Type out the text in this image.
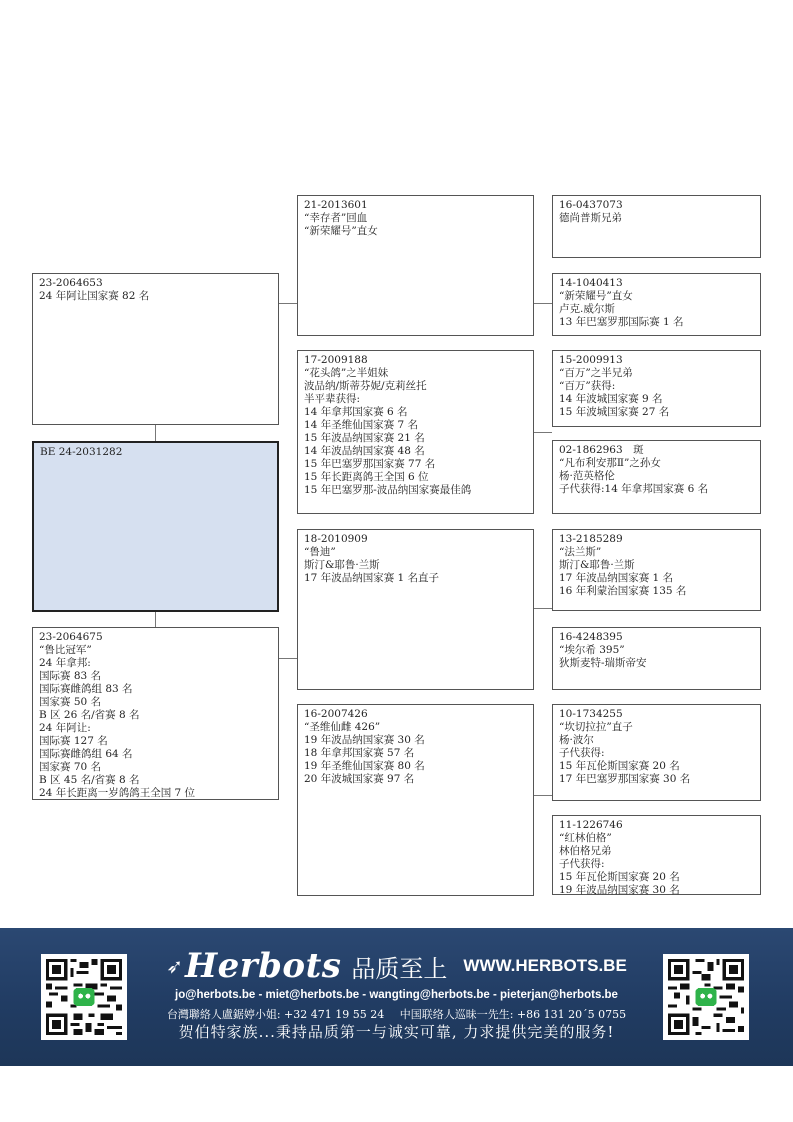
BE 24-2031282
23-2064653
24 年阿让国家赛 82 名
23-2064675
“鲁比冠军”
24 年拿邦:
国际赛 83 名
国际赛雌鸽组 83 名
国家赛 50 名
B 区 26 名/省赛 8 名
24 年阿让:
国际赛 127 名
国际赛雌鸽组 64 名
国家赛 70 名
B 区 45 名/省赛 8 名
24 年长距离一岁鸽鸽王全国 7 位
21-2013601
“幸存者”回血
“新荣耀号”直女
17-2009188
“花头鸽”之半姐妹
波品纳/斯蒂芬妮/克莉丝托
半平辈获得:
14 年拿邦国家赛 6 名
14 年圣维仙国家赛 7 名
15 年波品纳国家赛 21 名
14 年波品纳国家赛 48 名
15 年巴塞罗那国家赛 77 名
15 年长距离鸽王全国 6 位
15 年巴塞罗那-波品纳国家赛最佳鸽
18-2010909
“鲁迪”
斯汀&耶鲁·兰斯
17 年波品纳国家赛 1 名直子
16-2007426
“圣维仙雌 426”
19 年波品纳国家赛 30 名
18 年拿邦国家赛 57 名
19 年圣维仙国家赛 80 名
20 年波城国家赛 97 名
16-0437073
德尚普斯兄弟
14-1040413
“新荣耀号”直女
卢克.威尔斯
13 年巴塞罗那国际赛 1 名
15-2009913
“百万”之半兄弟
“百万”获得:
14 年波城国家赛 9 名
15 年波城国家赛 27 名
02-1862963　斑
“凡布利安那Ⅱ”之孙女
杨·范英格伦
子代获得:14 年拿邦国家赛 6 名
13-2185289
“法兰斯”
斯汀&耶鲁·兰斯
17 年波品纳国家赛 1 名
16 年利蒙治国家赛 135 名
16-4248395
“埃尔希 395”
狄斯麦特-瑞斯帝安
10-1734255
“坎切拉拉”直子
杨·波尔
子代获得:
15 年瓦伦斯国家赛 20 名
17 年巴塞罗那国家赛 30 名
11-1226746
“红林伯格”
林伯格兄弟
子代获得:
15 年瓦伦斯国家赛 20 名
19 年波品纳国家赛 30 名
➶Herbots 品质至上 WWW.HERBOTS.BE
jo@herbots.be - miet@herbots.be - wangting@herbots.be - pieterjan@herbots.be
台灣聯絡人盧鋸婷小姐: +32 471 19 55 24 中国联络人巡昧一先生: +86 131 20´5 0755
贺伯特家族...秉持品质第一与诚实可靠, 力求提供完美的服务!
